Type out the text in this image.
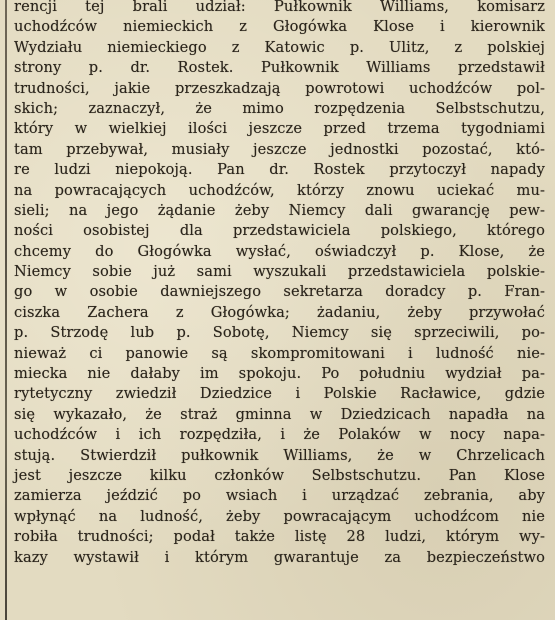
rencji tej brali udział: Pułkownik Williams, komisarz
uchodźców niemieckich z Głogówka Klose i kierownik
Wydziału niemieckiego z Katowic p. Ulitz, z polskiej
strony p. dr. Rostek. Pułkownik Williams przedstawił
trudności, jakie przeszkadzają powrotowi uchodźców pol-
skich; zaznaczył, że mimo rozpędzenia Selbstschutzu,
który w wielkiej ilości jeszcze przed trzema tygodniami
tam przebywał, musiały jeszcze jednostki pozostać, któ-
re ludzi niepokoją. Pan dr. Rostek przytoczył napady
na powracających uchodźców, którzy znowu uciekać mu-
sieli; na jego żądanie żeby Niemcy dali gwarancję pew-
ności osobistej dla przedstawiciela polskiego, którego
chcemy do Głogówka wysłać, oświadczył p. Klose, że
Niemcy sobie już sami wyszukali przedstawiciela polskie-
go w osobie dawniejszego sekretarza doradcy p. Fran-
ciszka Zachera z Głogówka; żadaniu, żeby przywołać
p. Strzodę lub p. Sobotę, Niemcy się sprzeciwili, po-
nieważ ci panowie są skompromitowani i ludność nie-
miecka nie dałaby im spokoju. Po południu wydział pa-
rytetyczny zwiedził Dziedzice i Polskie Racławice, gdzie
się wykazało, że straż gminna w Dziedzicach napadła na
uchodźców i ich rozpędziła, i że Polaków w nocy napa-
stują. Stwierdził pułkownik Williams, że w Chrzelicach
jest jeszcze kilku członków Selbstschutzu. Pan Klose
zamierza jeździć po wsiach i urządzać zebrania, aby
wpłynąć na ludność, żeby powracającym uchodźcom nie
robiła trudności; podał także listę 28 ludzi, którym wy-
kazy wystawił i którym gwarantuje za bezpieczeństwo
